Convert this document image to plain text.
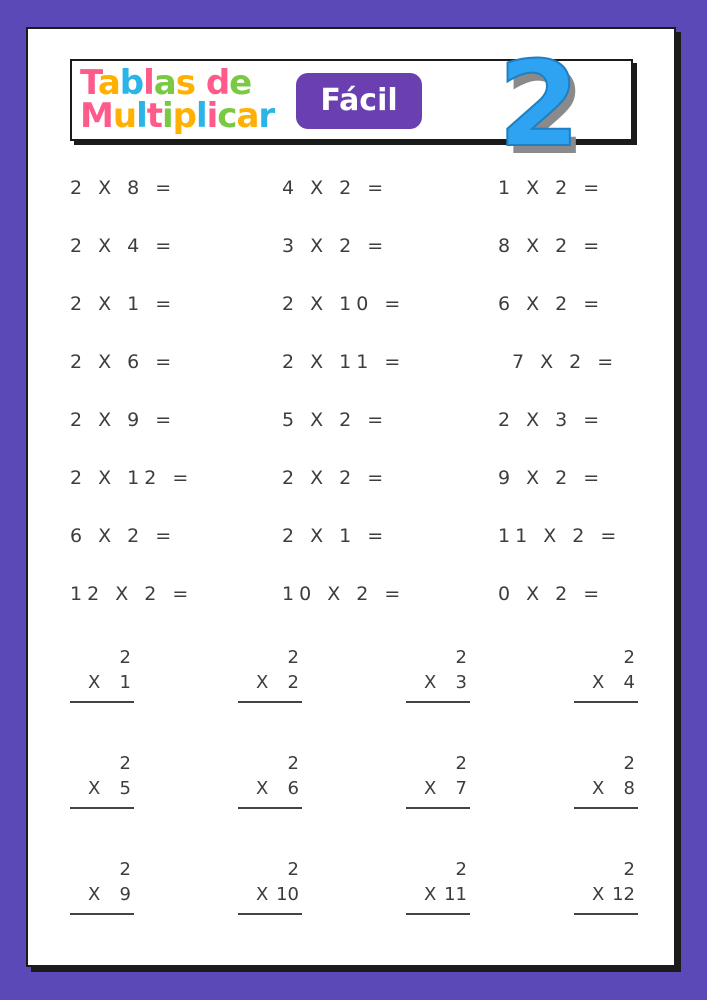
Tablas de
Multiplicar	Fácil 2
2 X 8 =	4 X 2 =	1 X 2 =
2 X 4 =	3 X 2 =	8 X 2 =
2 X 1 =	2 X 10 =	6 X 2 =
2 X 6 =	2 X 11 =	7 X 2 =
2 X 9 =	5 X 2 =	2 X 3 =
2 X 12 =	2 X 2 =	9 X 2 =
6 X 2 =	2 X 1 =	11 X 2 =
12 X 2 =	10 X 2 =	0 X 2 =
2
X 1
2
X 2
2
X 3
2
X 4
2
X 5
2
X 6
2
X 7
2
X 8
2
X 9
2
X 10
2
X 11
2
X 12
